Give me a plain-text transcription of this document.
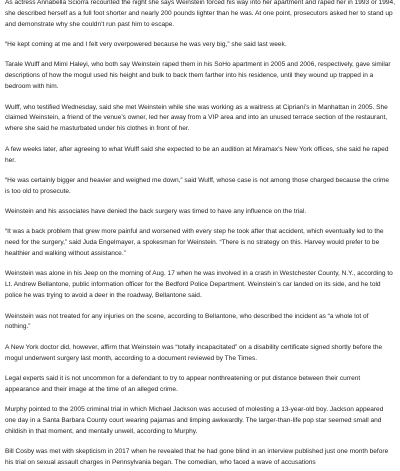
As actress Annabella Sciorra recounted the night she says Weinstein forced his way into her apartment and raped her in 1993 or 1994, she described herself as a full foot shorter and nearly 200 pounds lighter than he was. At one point, prosecutors asked her to stand up and demonstrate why she couldn’t run past him to escape.

“He kept coming at me and I felt very overpowered because he was very big,” she said last week.

Tarale Wulff and Mimi Haleyi, who both say Weinstein raped them in his SoHo apartment in 2005 and 2006, respectively, gave similar descriptions of how the mogul used his height and bulk to back them farther into his residence, until they wound up trapped in a bedroom with him.

Wulff, who testified Wednesday, said she met Weinstein while she was working as a waitress at Cipriani’s in Manhattan in 2005. She claimed Weinstein, a friend of the venue’s owner, led her away from a VIP area and into an unused terrace section of the restaurant, where she said he masturbated under his clothes in front of her.

A few weeks later, after agreeing to what Wulff said she expected to be an audition at Miramax’s New York offices, she said he raped her.

“He was certainly bigger and heavier and weighed me down,” said Wulff, whose case is not among those charged because the crime is too old to prosecute.

Weinstein and his associates have denied the back surgery was timed to have any influence on the trial.

“It was a back problem that grew more painful and worsened with every step he took after that accident, which eventually led to the need for the surgery,” said Juda Engelmayer, a spokesman for Weinstein. “There is no strategy on this. Harvey would prefer to be healthier and walking without assistance.”

Weinstein was alone in his Jeep on the morning of Aug. 17 when he was involved in a crash in Westchester County, N.Y., according to Lt. Andrew Bellantone, public information officer for the Bedford Police Department. Weinstein’s car landed on its side, and he told police he was trying to avoid a deer in the roadway, Bellantone said.

Weinstein was not treated for any injuries on the scene, according to Bellantone, who described the incident as “a whole lot of nothing.”

A New York doctor did, however, affirm that Weinstein was “totally incapacitated” on a disability certificate signed shortly before the mogul underwent surgery last month, according to a document reviewed by The Times.

Legal experts said it is not uncommon for a defendant to try to appear nonthreatening or put distance between their current appearance and their image at the time of an alleged crime.

Murphy pointed to the 2005 criminal trial in which Michael Jackson was accused of molesting a 13-year-old boy. Jackson appeared one day in a Santa Barbara County court wearing pajamas and limping awkwardly. The larger-than-life pop star seemed small and childish in that moment, and mentally unwell, according to Murphy.

Bill Cosby was met with skepticism in 2017 when he revealed that he had gone blind in an interview published just one month before his trial on sexual assault charges in Pennsylvania began. The comedian, who faced a wave of accusations
